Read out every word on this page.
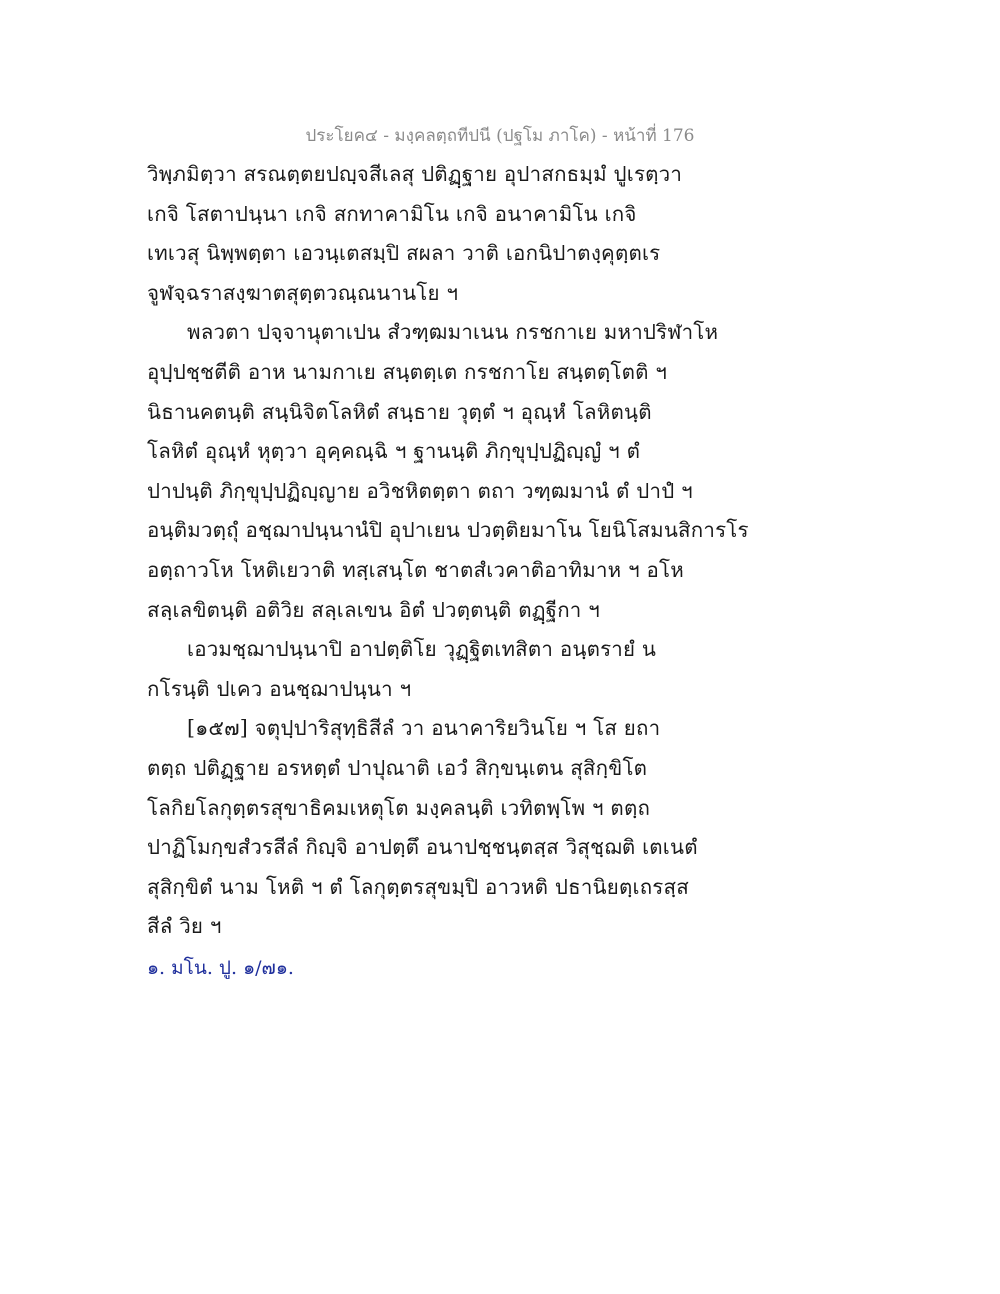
ประโยค๔ - มงฺคลตฺถทีปนี (ปฐโม ภาโค) - หน้าที่ 176
วิพฺภมิตฺวา สรณตฺตยปญฺจสีเลสุ ปติฏฺฐาย อุปาสกธมฺมํ ปูเรตฺวา
เกจิ โสตาปนฺนา เกจิ สกทาคามิโน เกจิ อนาคามิโน เกจิ
เทเวสุ นิพฺพตฺตา เอวนฺเตสมฺปิ สผลา วาติ เอกนิปาตงฺคุตฺตเร
จูฬจฺฉราสงฺฆาตสุตฺตวณฺณนานโย ฯ
พลวตา ปจฺจานุตาเปน สํวฑฺฒมาเนน กรชกาเย มหาปริฬาโห
อุปฺปชฺชตีติ อาห นามกาเย สนฺตตฺเต กรชกาโย สนฺตตฺโตติ ฯ
นิธานคตนฺติ สนฺนิจิตโลหิตํ สนฺธาย วุตฺตํ ฯ อุณฺหํ โลหิตนฺติ
โลหิตํ อุณฺหํ หุตฺวา อุคฺคณฺฉิ ฯ ฐานนฺติ ภิกฺขุปฺปฏิญฺญํ ฯ ตํ
ปาปนฺติ ภิกฺขุปฺปฏิญฺญาย อวิชหิตตฺตา ตถา วฑฺฒมานํ ตํ ปาปํ ฯ
อนฺติมวตฺถุํ อชฺฌาปนฺนานํปิ อุปาเยน ปวตฺติยมาโน โยนิโสมนสิการโร
อตฺถาวโห โหติเยวาติ ทสฺเสนฺโต ชาตสํเวคาติอาทิมาห ฯ อโห
สลฺเลขิตนฺติ อติวิย สลฺเลเขน อิตํ ปวตฺตนฺติ ตฏฺฐีกา ฯ
เอวมชฺฌาปนฺนาปิ อาปตฺติโย วุฏฺฐิตเทสิตา อนฺตรายํ น
กโรนฺติ ปเคว อนชฺฌาปนฺนา ฯ
[๑๕๗] จตุปฺปาริสุทฺธิสีลํ วา อนาคาริยวินโย ฯ โส ยถา
ตตฺถ ปติฏฺฐาย อรหตฺตํ ปาปุณาติ เอวํ สิกฺขนฺเตน สุสิกฺขิโต
โลกิยโลกุตฺตรสุขาธิคมเหตุโต มงฺคลนฺติ เวทิตพฺโพ ฯ ตตฺถ
ปาฏิโมกฺขสํวรสีลํ กิญฺจิ อาปตฺตึ อนาปชฺชนฺตสฺส วิสุชฺฌติ เตเนตํ
สุสิกฺขิตํ นาม โหติ ฯ ตํ โลกุตฺตรสุขมฺปิ อาวหติ ปธานิยตฺเถรสฺส
สีลํ วิย ฯ
๑. มโน. ปู. ๑/๗๑.
